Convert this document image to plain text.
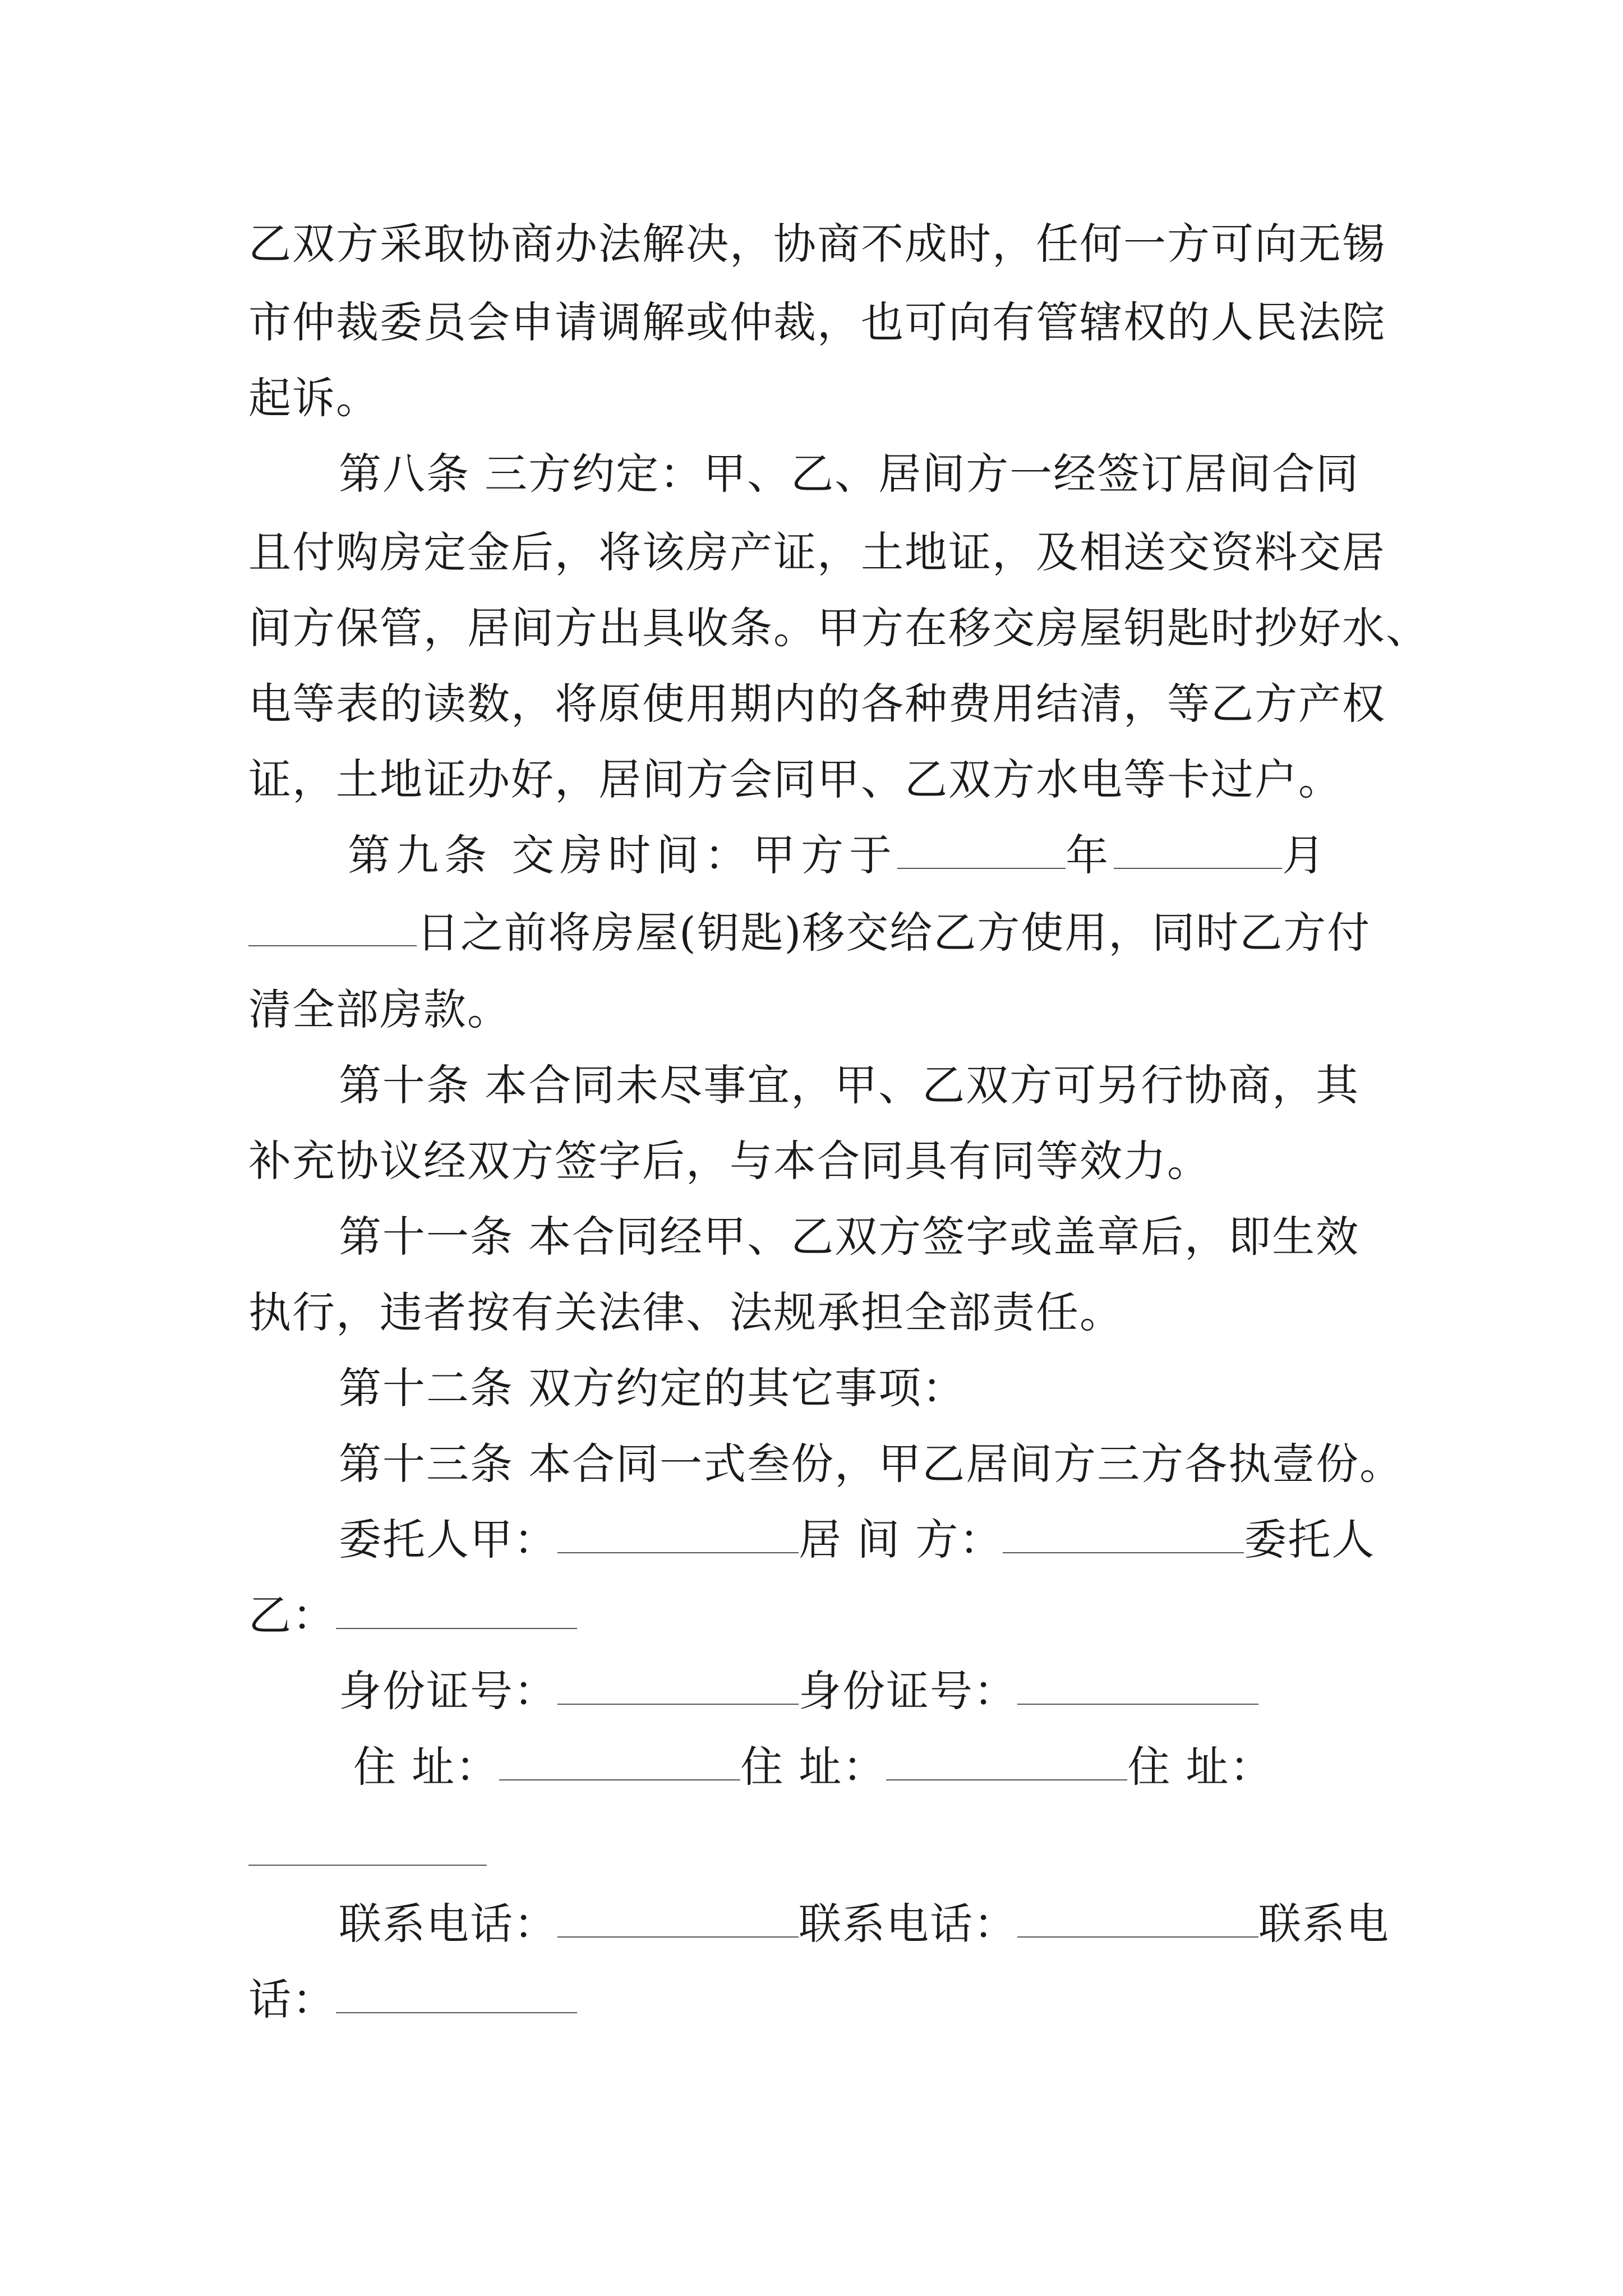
乙双方采取协商办法解决，协商不成时，任何一方可向无锡
市仲裁委员会申请调解或仲裁，也可向有管辖权的人民法院
起诉。
第八条 三方约定：甲、乙、居间方一经签订居间合同
且付购房定金后，将该房产证，土地证，及相送交资料交居
间方保管，居间方出具收条。甲方在移交房屋钥匙时抄好水、
电等表的读数，将原使用期内的各种费用结清，等乙方产权
证，土地证办好，居间方会同甲、乙双方水电等卡过户。
第九条 交房时间：甲方于	年	月
日之前将房屋(钥匙)移交给乙方使用，同时乙方付
清全部房款。
第十条 本合同未尽事宜，甲、乙双方可另行协商，其
补充协议经双方签字后，与本合同具有同等效力。
第十一条 本合同经甲、乙双方签字或盖章后，即生效
执行，违者按有关法律、法规承担全部责任。
第十二条 双方约定的其它事项：
第十三条 本合同一式叁份，甲乙居间方三方各执壹份。
委托人甲：	居 间 方：	委托人
乙：
身份证号：	身份证号：
住 址：	住 址：	住 址：
联系电话：	联系电话：	联系电
话：
